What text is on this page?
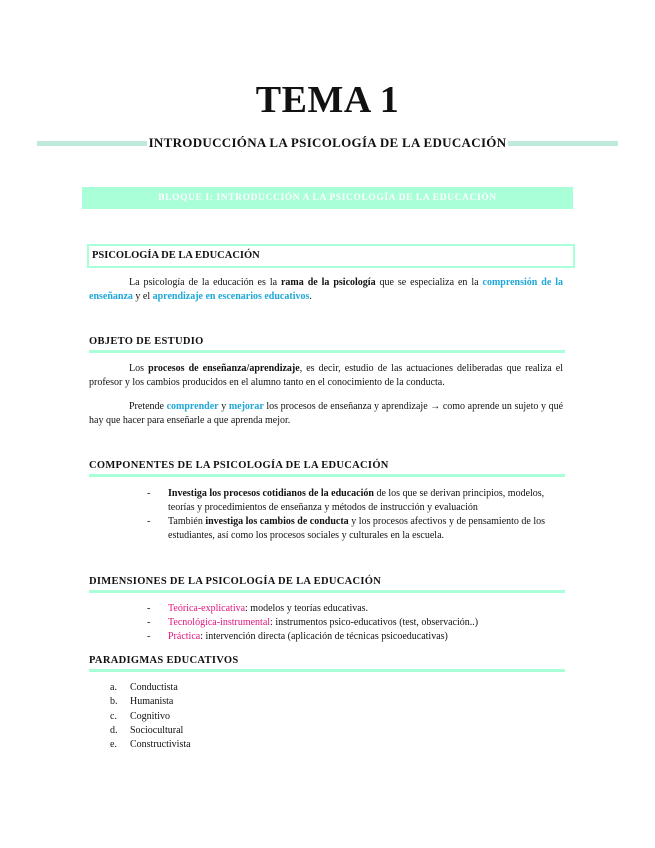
TEMA 1
INTRODUCCIÓNA LA PSICOLOGÍA DE LA EDUCACIÓN
BLOQUE I: INTRODUCCIÓN A LA PSICOLOGÍA DE LA EDUCACIÓN
PSICOLOGÍA DE LA EDUCACIÓN

La psicología de la educación es la rama de la psicología que se especializa en la comprensión de la enseñanza y el aprendizaje en escenarios educativos.

OBJETO DE ESTUDIO

Los procesos de enseñanza/aprendizaje, es decir, estudio de las actuaciones deliberadas que realiza el profesor y los cambios producidos en el alumno tanto en el conocimiento de la conducta.

Pretende comprender y mejorar los procesos de enseñanza y aprendizaje → como aprende un sujeto y qué hay que hacer para enseñarle a que aprenda mejor.

COMPONENTES DE LA PSICOLOGÍA DE LA EDUCACIÓN
- Investiga los procesos cotidianos de la educación de los que se derivan principios, modelos, teorías y procedimientos de enseñanza y métodos de instrucción y evaluación
- También investiga los cambios de conducta y los procesos afectivos y de pensamiento de los estudiantes, así como los procesos sociales y culturales en la escuela.
DIMENSIONES DE LA PSICOLOGÍA DE LA EDUCACIÓN
- Teórica-explicativa: modelos y teorías educativas.
- Tecnológica-instrumental: instrumentos psico-educativos (test, observación..)
- Práctica: intervención directa (aplicación de técnicas psicoeducativas)
PARADIGMAS EDUCATIVOS
a. Conductista
b. Humanista
c. Cognitivo
d. Sociocultural
e. Constructivista
